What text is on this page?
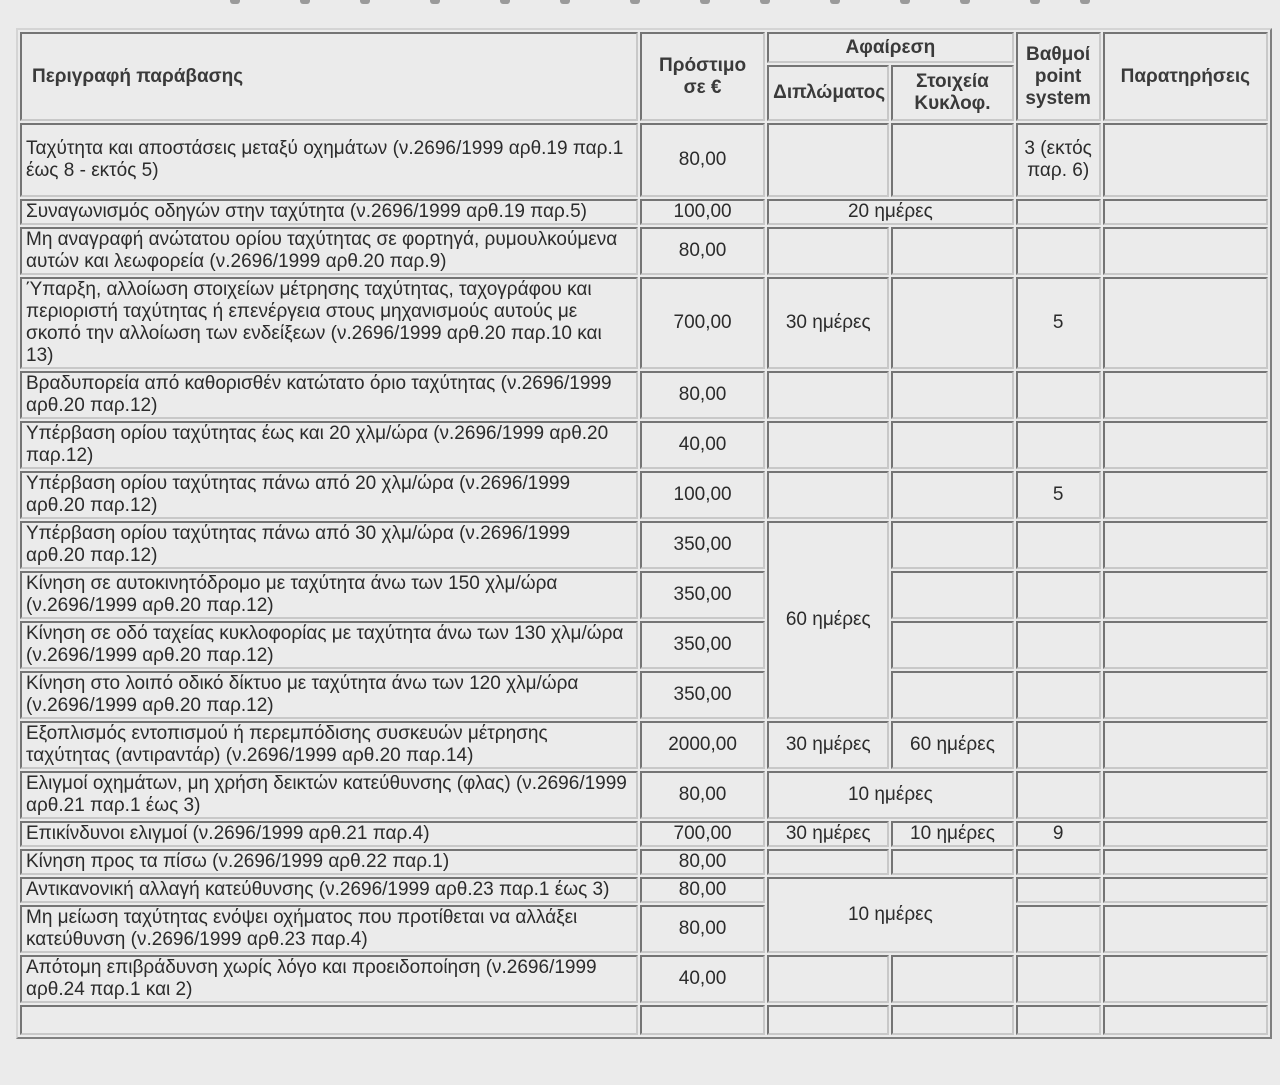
Περιγραφή παράβασης	Πρόστιμο σε €	Αφαίρεση		Βαθμοί point system	Παρατηρήσεις
		Διπλώματος	Στοιχεία Κυκλοφ.		
Ταχύτητα και αποστάσεις μεταξύ οχημάτων (ν.2696/1999 αρθ.19 παρ.1 έως 8 - εκτός 5)	80,00			3 (εκτός παρ. 6)	
Συναγωνισμός οδηγών στην ταχύτητα (ν.2696/1999 αρθ.19 παρ.5)	100,00	20 ημέρες			
Μη αναγραφή ανώτατου ορίου ταχύτητας σε φορτηγά, ρυμουλκούμενα αυτών και λεωφορεία (ν.2696/1999 αρθ.20 παρ.9)	80,00				
Ύπαρξη, αλλοίωση στοιχείων μέτρησης ταχύτητας, ταχογράφου και περιοριστή ταχύτητας ή επενέργεια στους μηχανισμούς αυτούς με σκοπό την αλλοίωση των ενδείξεων (ν.2696/1999 αρθ.20 παρ.10 και 13)	700,00	30 ημέρες		5	
Βραδυπορεία από καθορισθέν κατώτατο όριο ταχύτητας (ν.2696/1999 αρθ.20 παρ.12)	80,00				
Υπέρβαση ορίου ταχύτητας έως και 20 χλμ/ώρα (ν.2696/1999 αρθ.20 παρ.12)	40,00				
Υπέρβαση ορίου ταχύτητας πάνω από 20 χλμ/ώρα (ν.2696/1999 αρθ.20 παρ.12)	100,00			5	
Υπέρβαση ορίου ταχύτητας πάνω από 30 χλμ/ώρα (ν.2696/1999 αρθ.20 παρ.12)	350,00	60 ημέρες			
Κίνηση σε αυτοκινητόδρομο με ταχύτητα άνω των 150 χλμ/ώρα (ν.2696/1999 αρθ.20 παρ.12)	350,00				
Κίνηση σε οδό ταχείας κυκλοφορίας με ταχύτητα άνω των 130 χλμ/ώρα (ν.2696/1999 αρθ.20 παρ.12)	350,00				
Κίνηση στο λοιπό οδικό δίκτυο με ταχύτητα άνω των 120 χλμ/ώρα (ν.2696/1999 αρθ.20 παρ.12)	350,00				
Εξοπλισμός εντοπισμού ή περεμπόδισης συσκευών μέτρησης ταχύτητας (αντιραντάρ) (ν.2696/1999 αρθ.20 παρ.14)	2000,00	30 ημέρες	60 ημέρες		
Ελιγμοί οχημάτων, μη χρήση δεικτών κατεύθυνσης (φλας) (ν.2696/1999 αρθ.21 παρ.1 έως 3)	80,00	10 ημέρες			
Επικίνδυνοι ελιγμοί (ν.2696/1999 αρθ.21 παρ.4)	700,00	30 ημέρες	10 ημέρες	9	
Κίνηση προς τα πίσω (ν.2696/1999 αρθ.22 παρ.1)	80,00				
Αντικανονική αλλαγή κατεύθυνσης (ν.2696/1999 αρθ.23 παρ.1 έως 3)	80,00	10 ημέρες			
Μη μείωση ταχύτητας ενόψει οχήματος που προτίθεται να αλλάξει κατεύθυνση (ν.2696/1999 αρθ.23 παρ.4)	80,00				
Απότομη επιβράδυνση χωρίς λόγο και προειδοποίηση (ν.2696/1999 αρθ.24 παρ.1 και 2)	40,00				
